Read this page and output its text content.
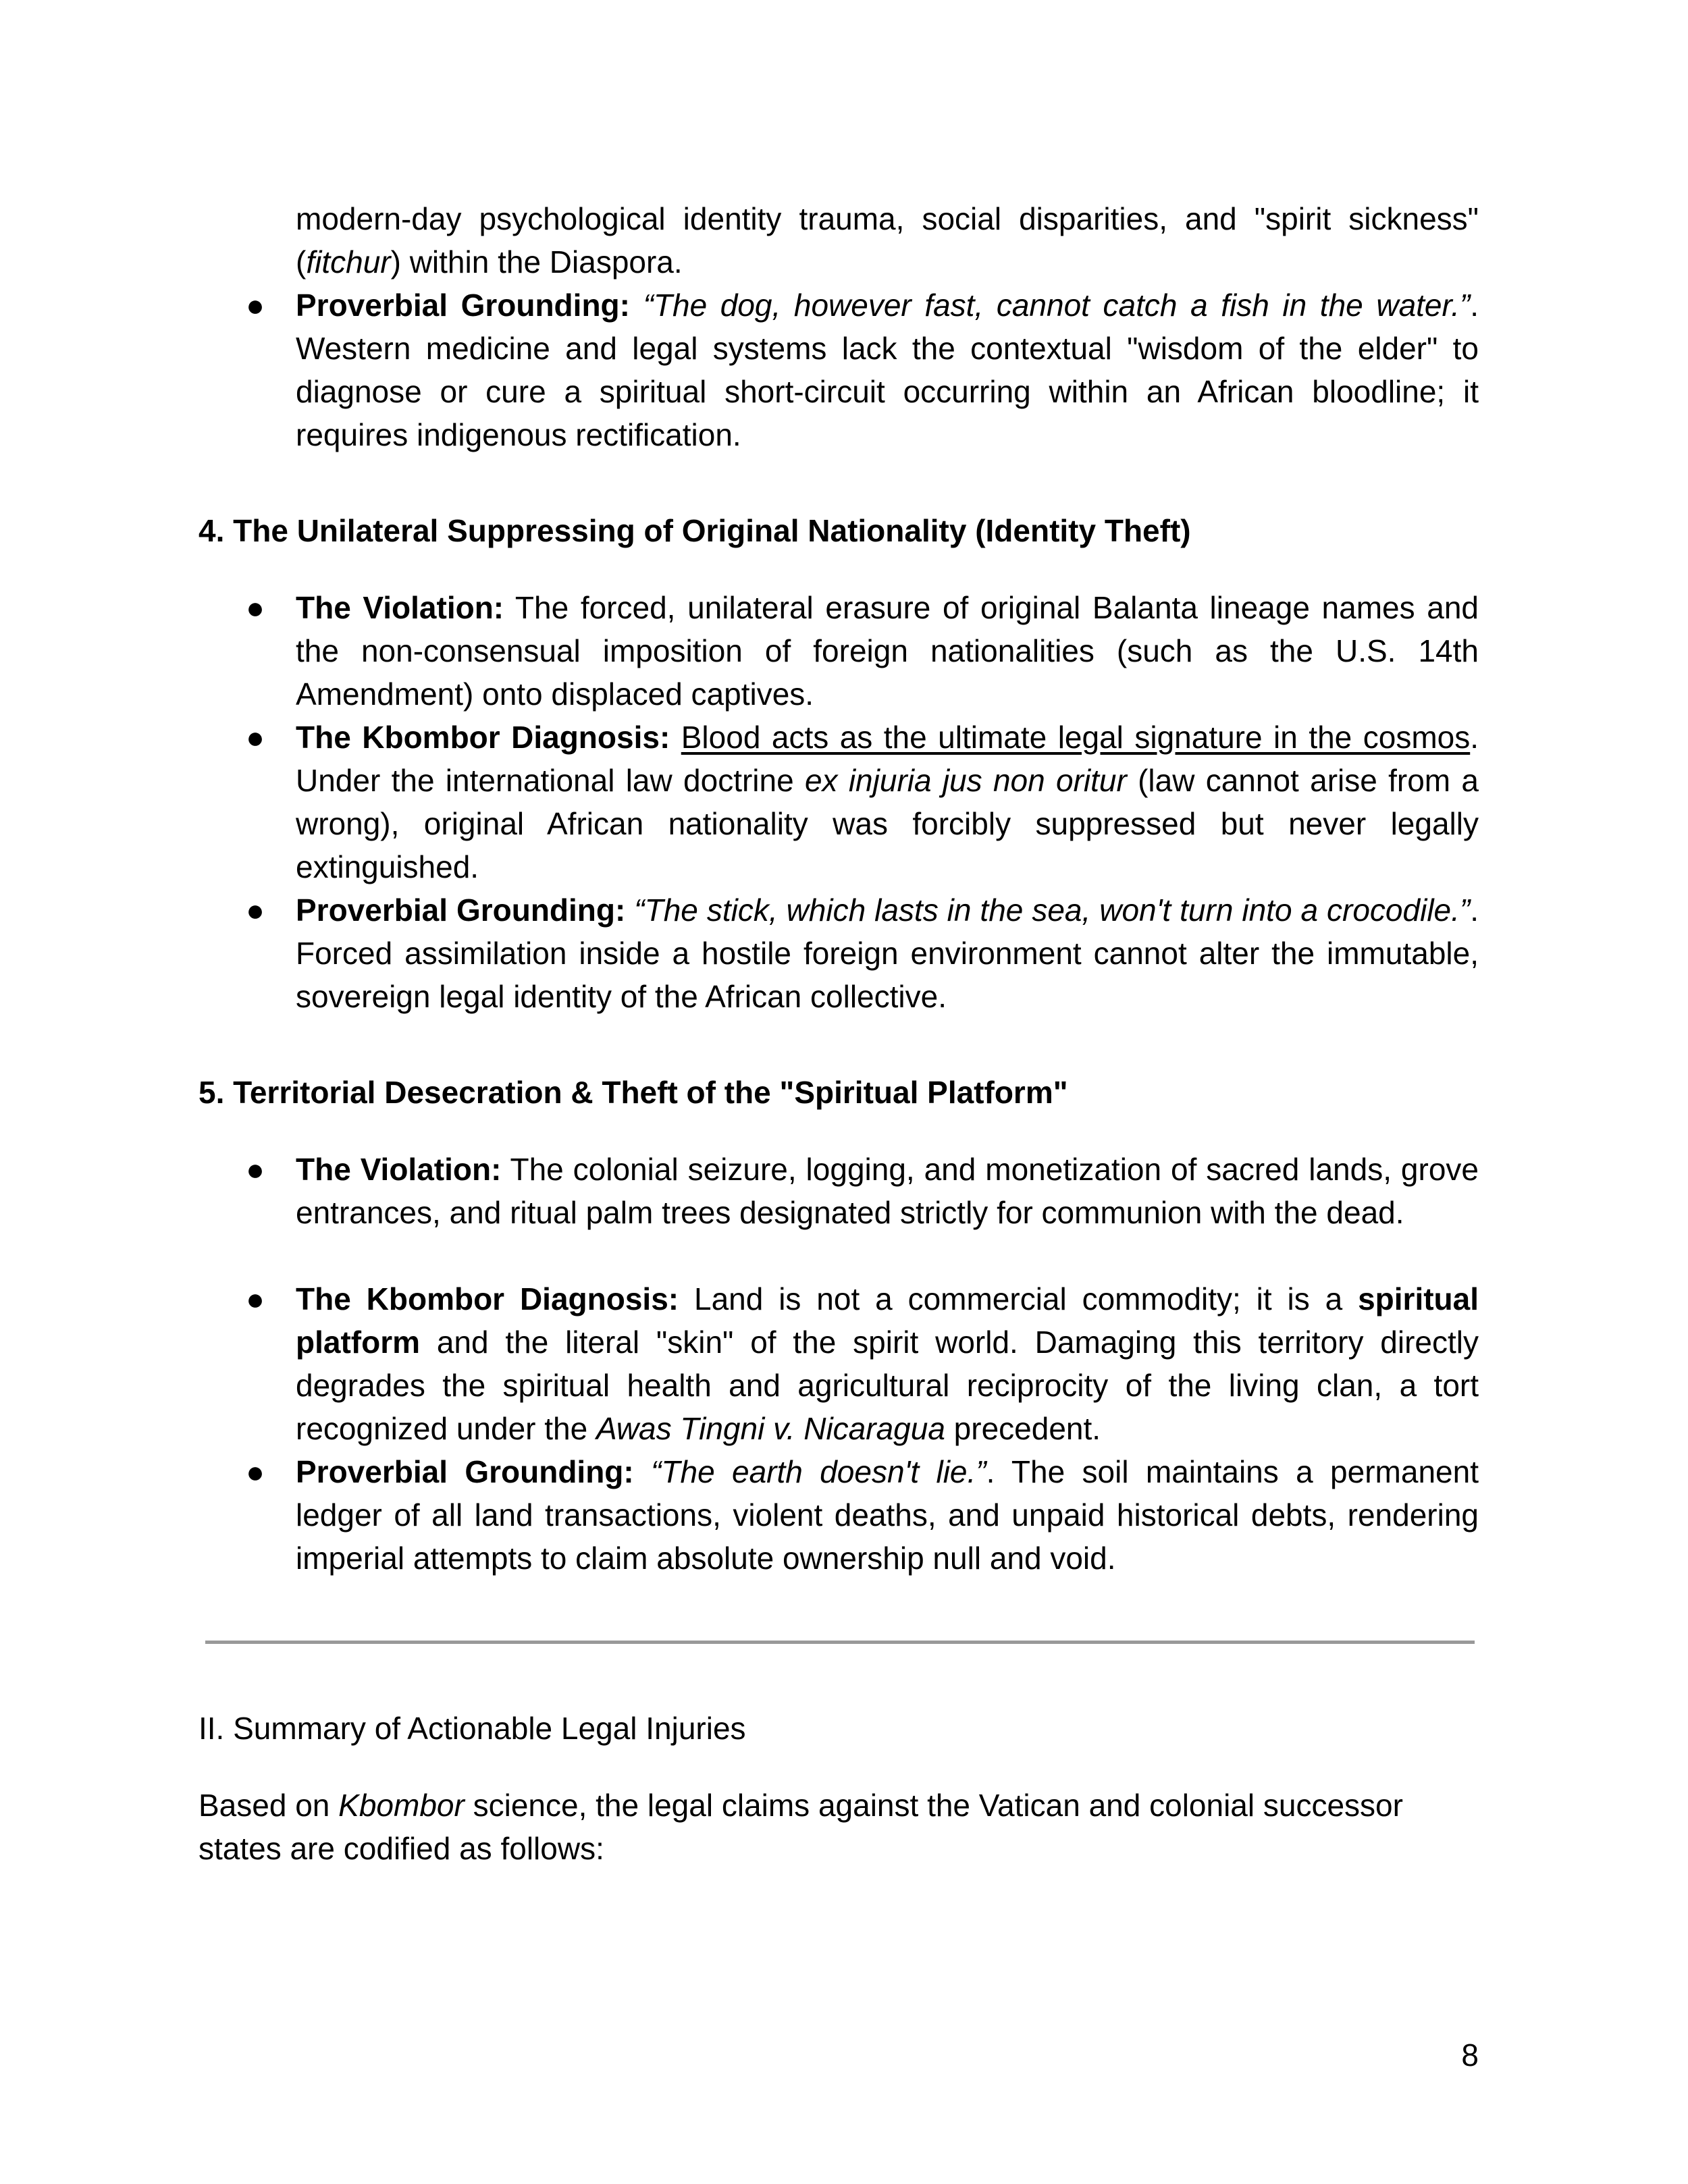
modern-day psychological identity trauma, social disparities, and "spirit sickness" (fitchur) within the Diaspora.
● Proverbial Grounding: “The dog, however fast, cannot catch a fish in the water.”. Western medicine and legal systems lack the contextual "wisdom of the elder" to diagnose or cure a spiritual short-circuit occurring within an African bloodline; it requires indigenous rectification.
4. The Unilateral Suppressing of Original Nationality (Identity Theft)
● The Violation: The forced, unilateral erasure of original Balanta lineage names and the non-consensual imposition of foreign nationalities (such as the U.S. 14th Amendment) onto displaced captives.
● The Kbombor Diagnosis: Blood acts as the ultimate legal signature in the cosmos. Under the international law doctrine ex injuria jus non oritur (law cannot arise from a wrong), original African nationality was forcibly suppressed but never legally extinguished.
● Proverbial Grounding: “The stick, which lasts in the sea, won't turn into a crocodile.”. Forced assimilation inside a hostile foreign environment cannot alter the immutable, sovereign legal identity of the African collective.
5. Territorial Desecration & Theft of the "Spiritual Platform"
● The Violation: The colonial seizure, logging, and monetization of sacred lands, grove entrances, and ritual palm trees designated strictly for communion with the dead.
● The Kbombor Diagnosis: Land is not a commercial commodity; it is a spiritual platform and the literal "skin" of the spirit world. Damaging this territory directly degrades the spiritual health and agricultural reciprocity of the living clan, a tort recognized under the Awas Tingni v. Nicaragua precedent.
● Proverbial Grounding: “The earth doesn't lie.”. The soil maintains a permanent ledger of all land transactions, violent deaths, and unpaid historical debts, rendering imperial attempts to claim absolute ownership null and void.
II. Summary of Actionable Legal Injuries
Based on Kbombor science, the legal claims against the Vatican and colonial successor states are codified as follows:
8
